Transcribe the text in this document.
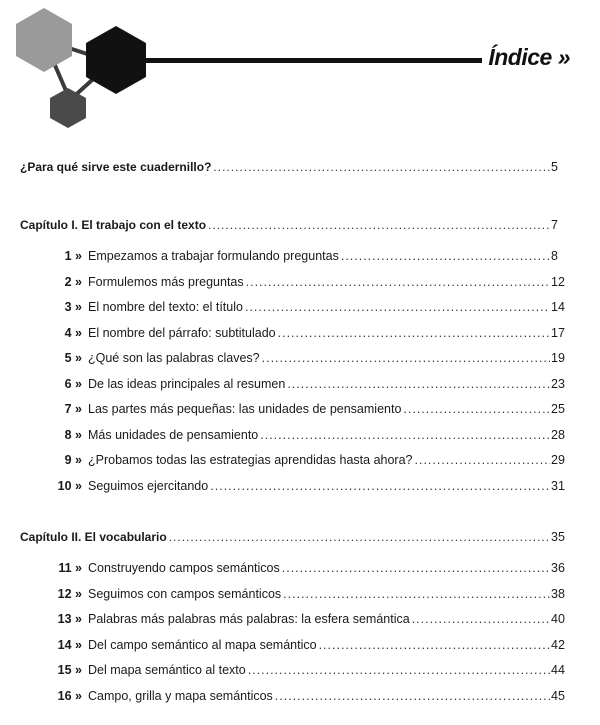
Índice »
¿Para qué sirve este cuadernillo? .....	5
Capítulo I. El trabajo con el texto .....	7
1 » Empezamos a trabajar formulando preguntas .....	8
2 » Formulemos más preguntas .....	12
3 » El nombre del texto: el título .....	14
4 » El nombre del párrafo: subtitulado .....	17
5 » ¿Qué son las palabras claves? .....	19
6 » De las ideas principales al resumen .....	23
7 » Las partes más pequeñas: las unidades de pensamiento .....	25
8 » Más unidades de pensamiento .....	28
9 » ¿Probamos todas las estrategias aprendidas hasta ahora? .....	29
10 » Seguimos ejercitando .....	31
Capítulo II. El vocabulario .....	35
11 » Construyendo campos semánticos .....	36
12 » Seguimos con campos semánticos .....	38
13 » Palabras más palabras más palabras: la esfera semántica .....	40
14 » Del campo semántico al mapa semántico .....	42
15 » Del mapa semántico al texto .....	44
16 » Campo, grilla y mapa semánticos .....	45
